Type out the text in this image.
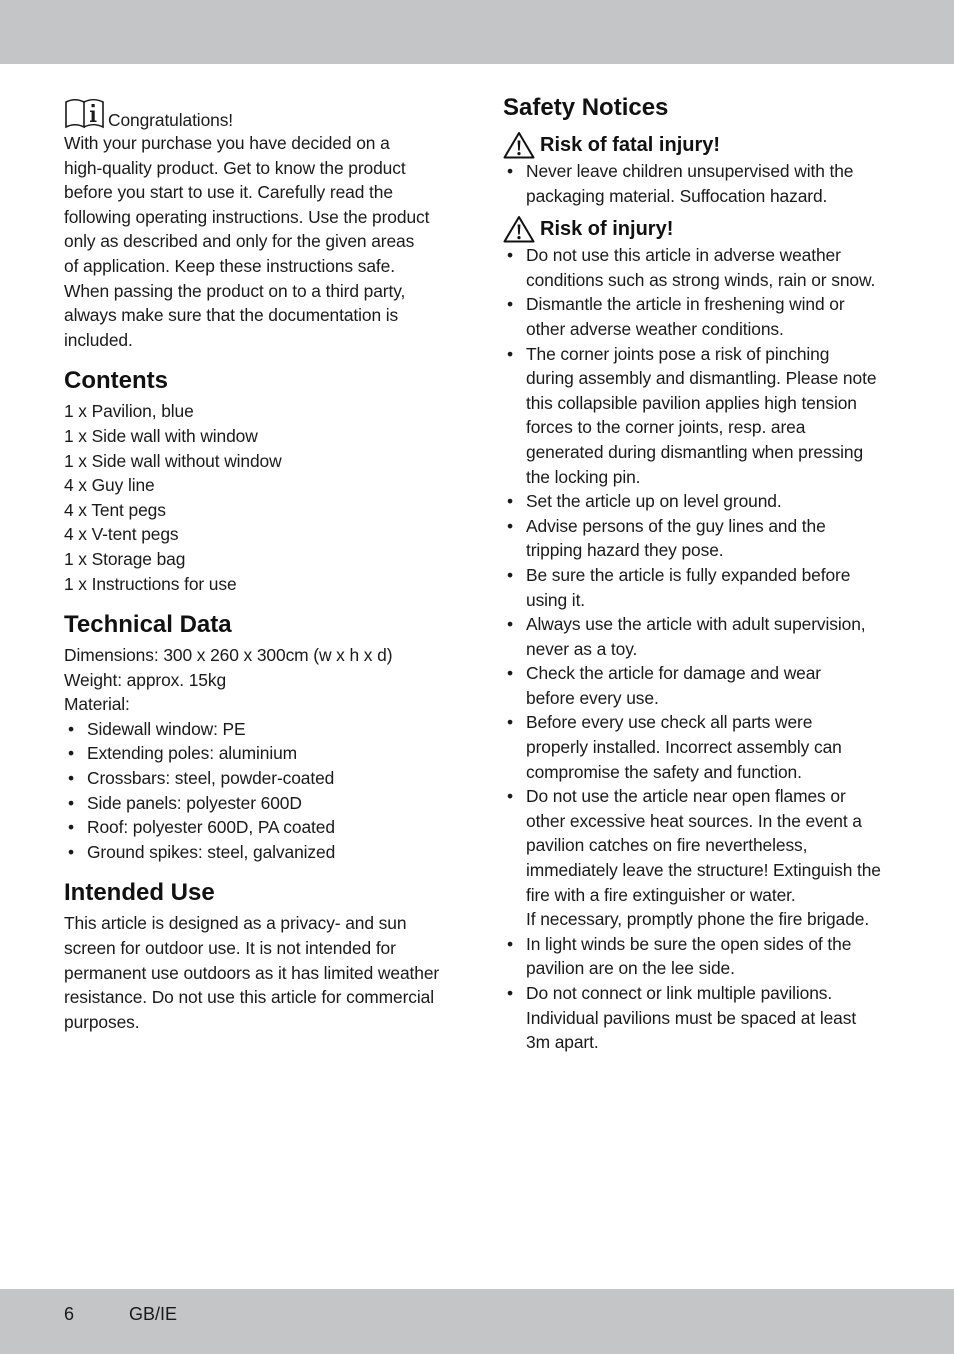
Congratulations!

With your purchase you have decided on a

high-quality product. Get to know the product

before you start to use it. Carefully read the

following operating instructions. Use the product

only as described and only for the given areas

of application. Keep these instructions safe.

When passing the product on to a third party,

always make sure that the documentation is

included.

Contents
1 x Pavilion, blue
1 x Side wall with window
1 x Side wall without window
4 x Guy line
4 x Tent pegs
4 x V-tent pegs
1 x Storage bag
1 x Instructions for use
Technical Data

Dimensions: 300 x 260 x 300cm (w x h x d)

Weight: approx. 15kg

Material:

• Sidewall window: PE
• Extending poles: aluminium
• Crossbars: steel, powder-coated
• Side panels: polyester 600D
• Roof: polyester 600D, PA coated
• Ground spikes: steel, galvanized
Intended Use

This article is designed as a privacy- and sun

screen for outdoor use. It is not intended for

permanent use outdoors as it has limited weather

resistance. Do not use this article for commercial

purposes.

Safety Notices
Risk of fatal injury!
• Never leave children unsupervised with the
packaging material. Suffocation hazard.
Risk of injury!
• Do not use this article in adverse weather
conditions such as strong winds, rain or snow.
• Dismantle the article in freshening wind or
other adverse weather conditions.
• The corner joints pose a risk of pinching
during assembly and dismantling. Please note
this collapsible pavilion applies high tension
forces to the corner joints, resp. area
generated during dismantling when pressing
the locking pin.
• Set the article up on level ground.
• Advise persons of the guy lines and the
tripping hazard they pose.
• Be sure the article is fully expanded before
using it.
• Always use the article with adult supervision,
never as a toy.
• Check the article for damage and wear
before every use.
• Before every use check all parts were
properly installed. Incorrect assembly can
compromise the safety and function.
• Do not use the article near open flames or
other excessive heat sources. In the event a
pavilion catches on fire nevertheless,
immediately leave the structure! Extinguish the
fire with a fire extinguisher or water.
If necessary, promptly phone the fire brigade.
• In light winds be sure the open sides of the
pavilion are on the lee side.
• Do not connect or link multiple pavilions.
Individual pavilions must be spaced at least
3m apart.
6	GB/IE
